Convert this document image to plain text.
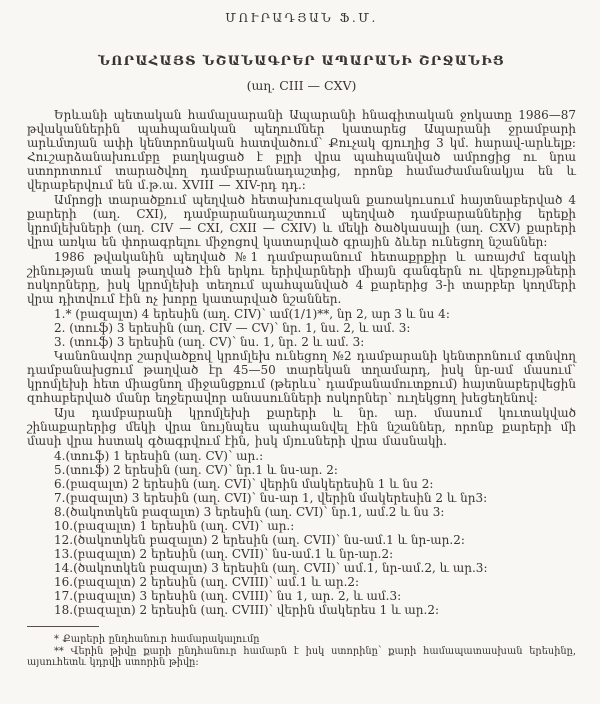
ՄՈՒՐԱԴՅԱՆ Ֆ.Մ.

ՆՈՐԱՀԱՅՏ ՆՇԱՆԱԳՐԵՐ ԱՊԱՐԱՆԻ ՇՐՋԱՆԻՑ

(աղ. CIII — CXV)

Երևանի պետական համալսարանի Ապարանի հնագիտական ջոկատը 1986—87 թվականներին պահպանական պեղումներ կատարեց Ապարանի ջրամբարի արևմտյան ափի կենտրոնական հատվածում՝ Քուչակ գյուղից 3 կմ. հարավ-արևելք։ Հուշարձանախումբը բաղկացած է բլրի վրա պահպանված ամրոցից ու նրա ստորոտում տարածվող դամբարանադաշտից, որոնք համաժամանակյա են և վերաբերվում են մ.թ.ա. XVIII — XIV-րդ դդ.:

Ամրոցի տարածքում պեղված հետախուզական քառակուսում հայտնաբերված 4 քարերի (աղ. CXI), դամբարանադաշտում պեղված դամբարաններից երեքի կրոմլեխների (աղ. CIV — CXI, CXII — CXIV) և մեկի ծածկասալի (աղ. CXV) քարերի վրա առկա են փորագրելու միջոցով կատարված գրային ձևեր ունեցող նշաններ:

1986 թվականին պեղված №1 դամբարանում հետաքրքիր և առայժմ եզակի շինության տակ թաղված էին երկու երիվարների միայն գանգերն ու վերջույթների ոսկորները, իսկ կրոմլեխի տեղում պահպանված 4 քարերից 3-ի տարբեր կողմերի վրա դիտվում էին ոչ խորը կատարված նշաններ.

1.* (բազալտ) 4 երեսին (աղ. CIV)՝ ամ(1/1)**, նր 2, ար 3 և նս 4:
2. (տուֆ) 3 երեսին (աղ. CIV — CV)՝ նր. 1, նս. 2, և ամ. 3:
3. (տուֆ) 3 երեսին (աղ. CV)՝ նս. 1, նր. 2 և ամ. 3:

Կանոնավոր շարվածքով կրոմլեխ ունեցող №2 դամբարանի կենտրոնում գտնվող դամբանախցում թաղված էր 45—50 տարեկան տղամարդ, իսկ նր-ամ մասում՝ կրոմլեխի հետ միացնող միջանցքում (թերևս՝ դամբանամուտքում) հայտնաբերվեցին զոհաբերված մանր եղջերավոր անասունների ոսկորներ՝ ուղեկցող խեցեղենով:

Այս դամբարանի կրոմլեխի քարերի և նր. ար. մասում կուտակված շինաքարերից մեկի վրա նույնպես պահպանվել էին նշաններ, որոնք քարերի մի մասի վրա հստակ գծագրվում էին, իսկ մյուսների վրա մասնակի.

4.(տուֆ) 1 երեսին (աղ. CV)՝ ար.:
5.(տուֆ) 2 երեսին (աղ. CV)՝ նր.1 և նս-ար. 2:
6.(բազալտ) 2 երեսին (աղ. CVI)՝ վերին մակերեսին 1 և նս 2:
7.(բազալտ) 3 երեսին (աղ. CVI)՝ նս-ար 1, վերին մակերեսին 2 և նր3:
8.(ծակոտկեն բազալտ) 3 երեսին (աղ. CVI)՝ նր.1, ամ.2 և նս 3:
10.(բազալտ) 1 երեսին (աղ. CVI)՝ ար.:
12.(ծակոտկեն բազալտ) 2 երեսին (աղ. CVII)՝ նս-ամ.1 և նր-ար.2:
13.(բազալտ) 2 երեսին (աղ. CVII)՝ նս-ամ.1 և նր-ար.2:
14.(ծակոտկեն բազալտ) 3 երեսին (աղ. CVII)՝ ամ.1, նր-ամ.2, և ար.3:
16.(բազալտ) 2 երեսին (աղ. CVIII)՝ ամ.1 և ար.2:
17.(բազալտ) 3 երեսին (աղ. CVIII)՝ նս 1, ար. 2, և ամ.3:
18.(բազալտ) 2 երեսին (աղ. CVIII)՝ վերին մակերես 1 և ար.2:

* Քարերի ընդհանուր համարակալումը

** Վերին թիվը քարի ընդհանուր համարն է իսկ ստորինը՝ քարի համապատասխան երեսինը, այսուհետև կդրվի ստորին թիվը:
